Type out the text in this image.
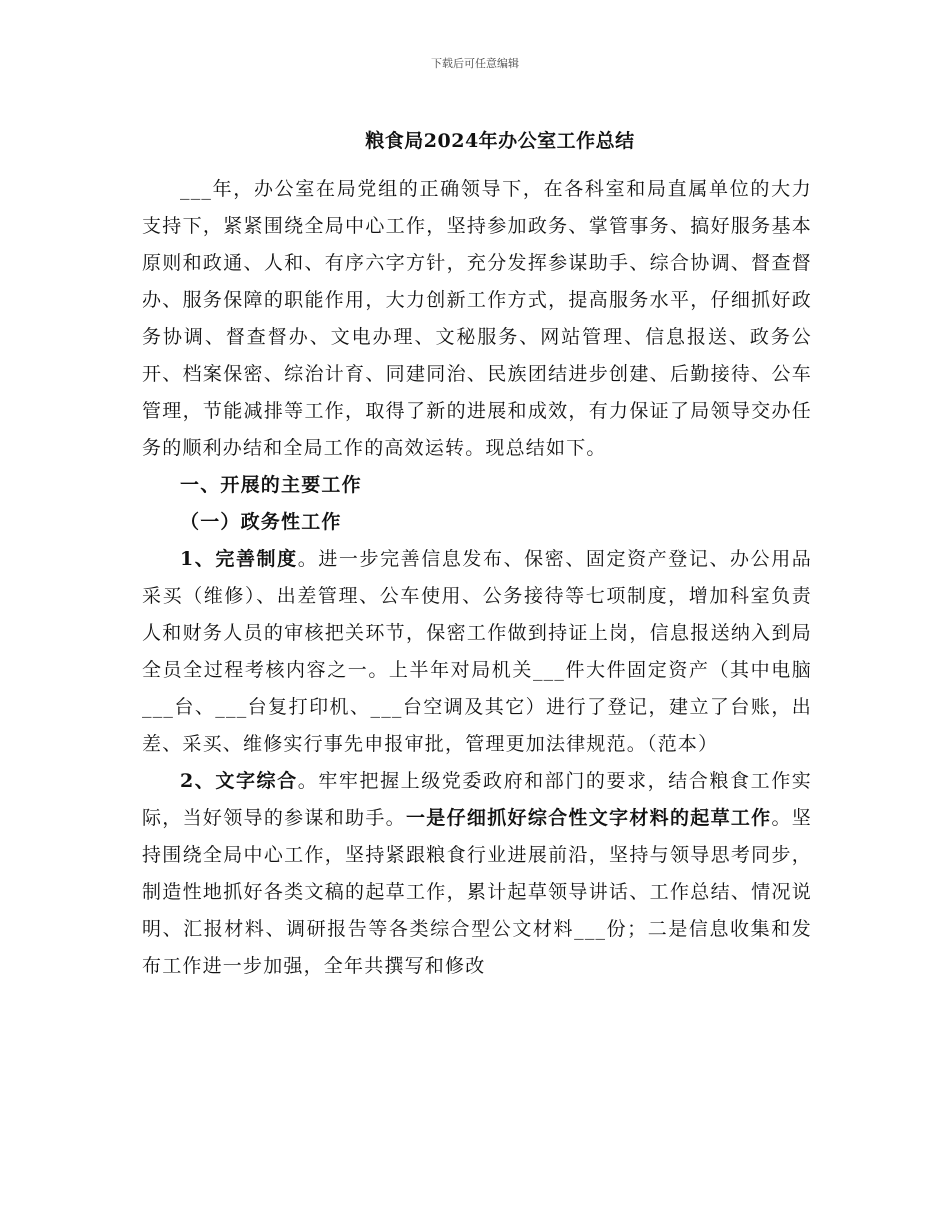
下载后可任意编辑
粮食局2024年办公室工作总结

___年，办公室在局党组的正确领导下，在各科室和局直属单位的大力支持下，紧紧围绕全局中心工作，坚持参加政务、掌管事务、搞好服务基本原则和政通、人和、有序六字方针，充分发挥参谋助手、综合协调、督查督办、服务保障的职能作用，大力创新工作方式，提高服务水平，仔细抓好政务协调、督查督办、文电办理、文秘服务、网站管理、信息报送、政务公开、档案保密、综治计育、同建同治、民族团结进步创建、后勤接待、公车管理，节能减排等工作，取得了新的进展和成效，有力保证了局领导交办任务的顺利办结和全局工作的高效运转。现总结如下。

一、开展的主要工作

（一）政务性工作

1、完善制度。进一步完善信息发布、保密、固定资产登记、办公用品采买（维修）、出差管理、公车使用、公务接待等七项制度，增加科室负责人和财务人员的审核把关环节，保密工作做到持证上岗，信息报送纳入到局全员全过程考核内容之一。上半年对局机关___件大件固定资产（其中电脑___台、___台复打印机、___台空调及其它）进行了登记，建立了台账，出差、采买、维修实行事先申报审批，管理更加法律规范。（范本）

2、文字综合。牢牢把握上级党委政府和部门的要求，结合粮食工作实际，当好领导的参谋和助手。一是仔细抓好综合性文字材料的起草工作。坚持围绕全局中心工作，坚持紧跟粮食行业进展前沿，坚持与领导思考同步，制造性地抓好各类文稿的起草工作，累计起草领导讲话、工作总结、情况说明、汇报材料、调研报告等各类综合型公文材料___份；二是信息收集和发布工作进一步加强，全年共撰写和修改
